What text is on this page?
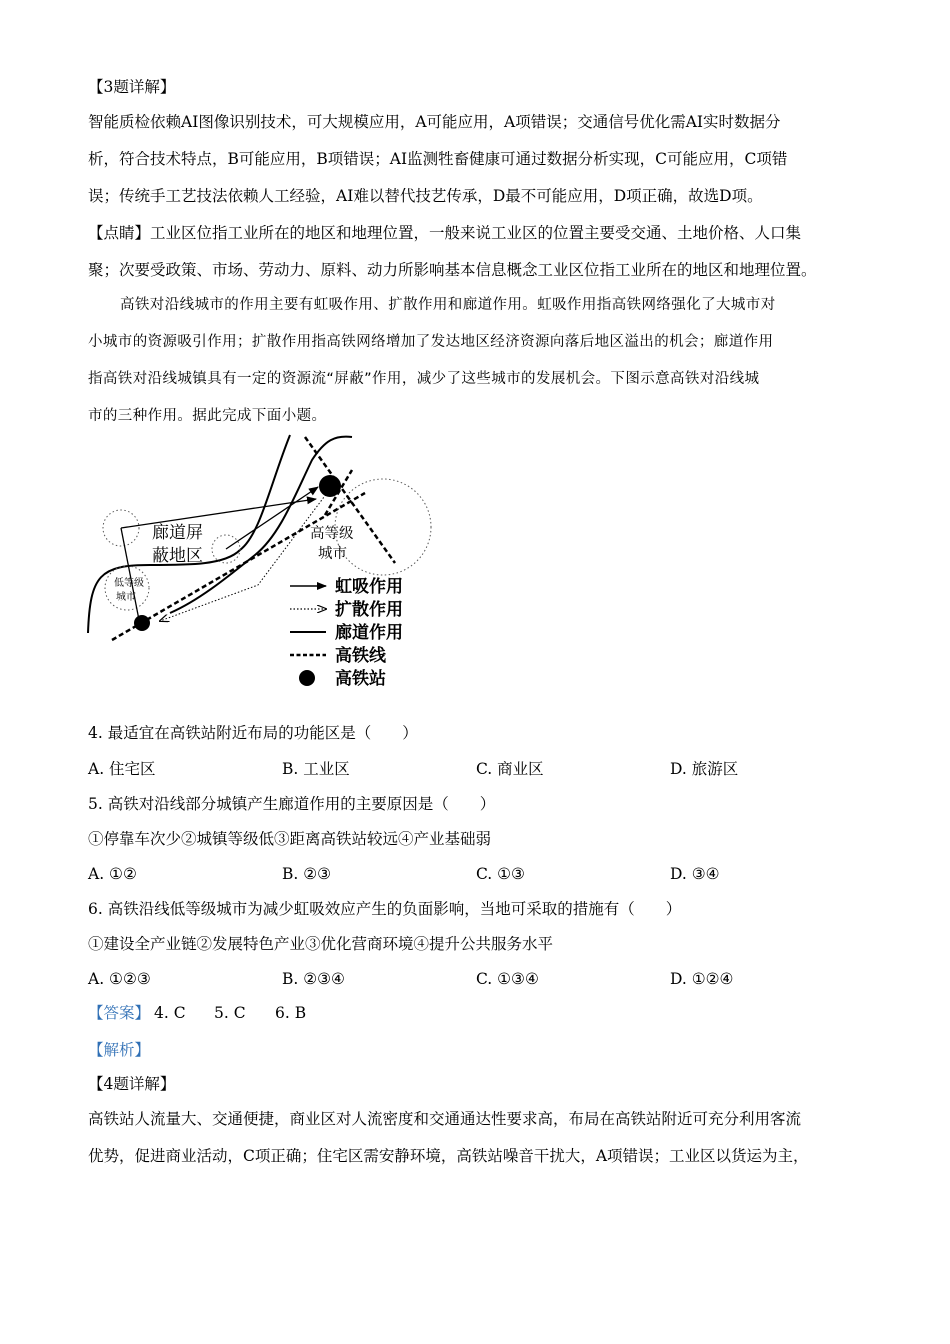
【3题详解】
智能质检依赖AI图像识别技术，可大规模应用，A可能应用，A项错误；交通信号优化需AI实时数据分
析，符合技术特点，B可能应用，B项错误；AI监测牲畜健康可通过数据分析实现，C可能应用，C项错
误；传统手工艺技法依赖人工经验，AI难以替代技艺传承，D最不可能应用，D项正确，故选D项。
【点睛】工业区位指工业所在的地区和地理位置，一般来说工业区的位置主要受交通、土地价格、人口集
聚；次要受政策、市场、劳动力、原料、动力所影响基本信息概念工业区位指工业所在的地区和地理位置。
高铁对沿线城市的作用主要有虹吸作用、扩散作用和廊道作用。虹吸作用指高铁网络强化了大城市对
小城市的资源吸引作用；扩散作用指高铁网络增加了发达地区经济资源向落后地区溢出的机会；廊道作用
指高铁对沿线城镇具有一定的资源流“屏蔽”作用，减少了这些城市的发展机会。下图示意高铁对沿线城
市的三种作用。据此完成下面小题。
廊道屏
蔽地区
高等级
城市
低等级
城市
虹吸作用
扩散作用
廊道作用
高铁线
高铁站
4. 最适宜在高铁站附近布局的功能区是（　　）
A. 住宅区	B. 工业区	C. 商业区	D. 旅游区
5. 高铁对沿线部分城镇产生廊道作用的主要原因是（　　）
①停靠车次少②城镇等级低③距离高铁站较远④产业基础弱
A. ①②	B. ②③	C. ①③	D. ③④
6. 高铁沿线低等级城市为减少虹吸效应产生的负面影响，当地可采取的措施有（　　）
①建设全产业链②发展特色产业③优化营商环境④提升公共服务水平
A. ①②③	B. ②③④	C. ①③④	D. ①②④
【答案】 4. C 5. C 6. B
【解析】
【4题详解】
高铁站人流量大、交通便捷，商业区对人流密度和交通通达性要求高，布局在高铁站附近可充分利用客流
优势，促进商业活动，C项正确；住宅区需安静环境，高铁站噪音干扰大，A项错误；工业区以货运为主，
